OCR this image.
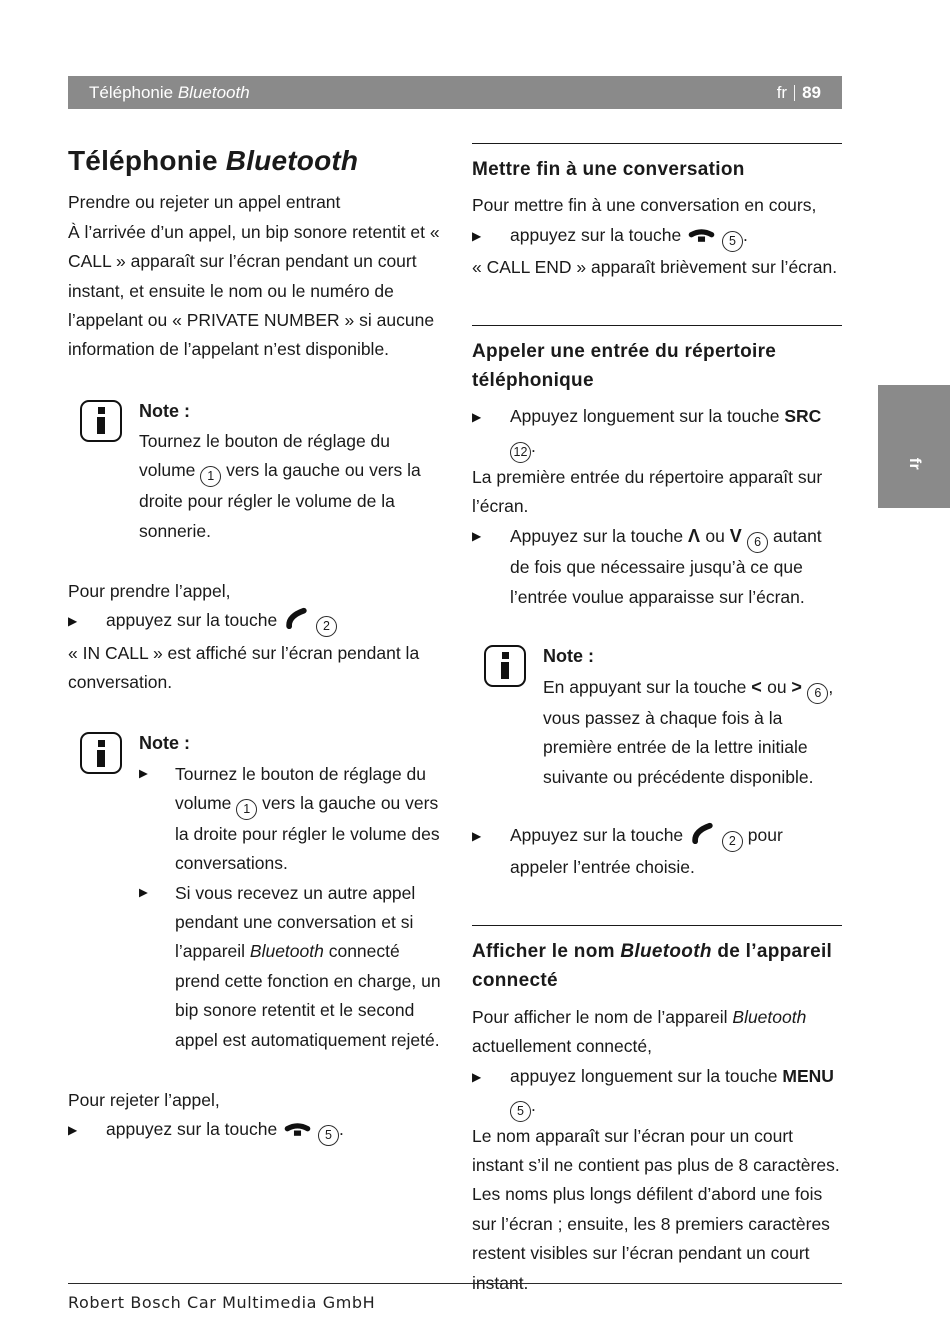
Téléphonie Bluetooth	fr 89
Téléphonie Bluetooth

Prendre ou rejeter un appel entrant

À l’arrivée d’un appel, un bip sonore retentit et « CALL » apparaît sur l’écran pendant un court instant, et ensuite le nom ou le numéro de l’appelant ou « PRIVATE NUMBER » si aucune information de l’appelant n’est disponible.

Note :
Tournez le bouton de réglage du volume 1 vers la gauche ou vers la droite pour régler le volume de la sonnerie.

Pour prendre l’appel,

▶
appuyez sur la touche	2

« IN CALL » est affiché sur l’écran pendant la conversation.

Note :
▶
Tournez le bouton de réglage du volume 1 vers la gauche ou vers la droite pour régler le volume des conversations.
▶
Si vous recevez un autre appel pendant une conversation et si l’appareil Bluetooth connecté prend cette fonction en charge, un bip sonore retentit et le second appel est automatiquement rejeté.

Pour rejeter l’appel,

▶
appuyez sur la touche	5 .
Mettre fin à une conversation

Pour mettre fin à une conversation en cours,

▶
appuyez sur la touche	5 .

« CALL END » apparaît brièvement sur l’écran.

Appeler une entrée du répertoire téléphonique
▶
Appuyez longuement sur la touche SRC 12 .

La première entrée du répertoire apparaît sur l’écran.

▶
Appuyez sur la touche Λ ou V 6 autant de fois que nécessaire jusqu’à ce que l’entrée voulue apparaisse sur l’écran.
Note :
En appuyant sur la touche < ou > 6 , vous passez à chaque fois à la première entrée de la lettre initiale suivante ou précédente disponible.
▶
Appuyez sur la touche	2 pour appeler l’entrée choisie.
Afficher le nom Bluetooth de l’appareil connecté

Pour afficher le nom de l’appareil Bluetooth actuellement connecté,

▶
appuyez longuement sur la touche MENU 5 .

Le nom apparaît sur l’écran pour un court instant s’il ne contient pas plus de 8 caractères. Les noms plus longs défilent d’abord une fois sur l’écran ; ensuite, les 8 premiers caractères restent visibles sur l’écran pendant un court instant.

fr
Robert Bosch Car Multimedia GmbH
